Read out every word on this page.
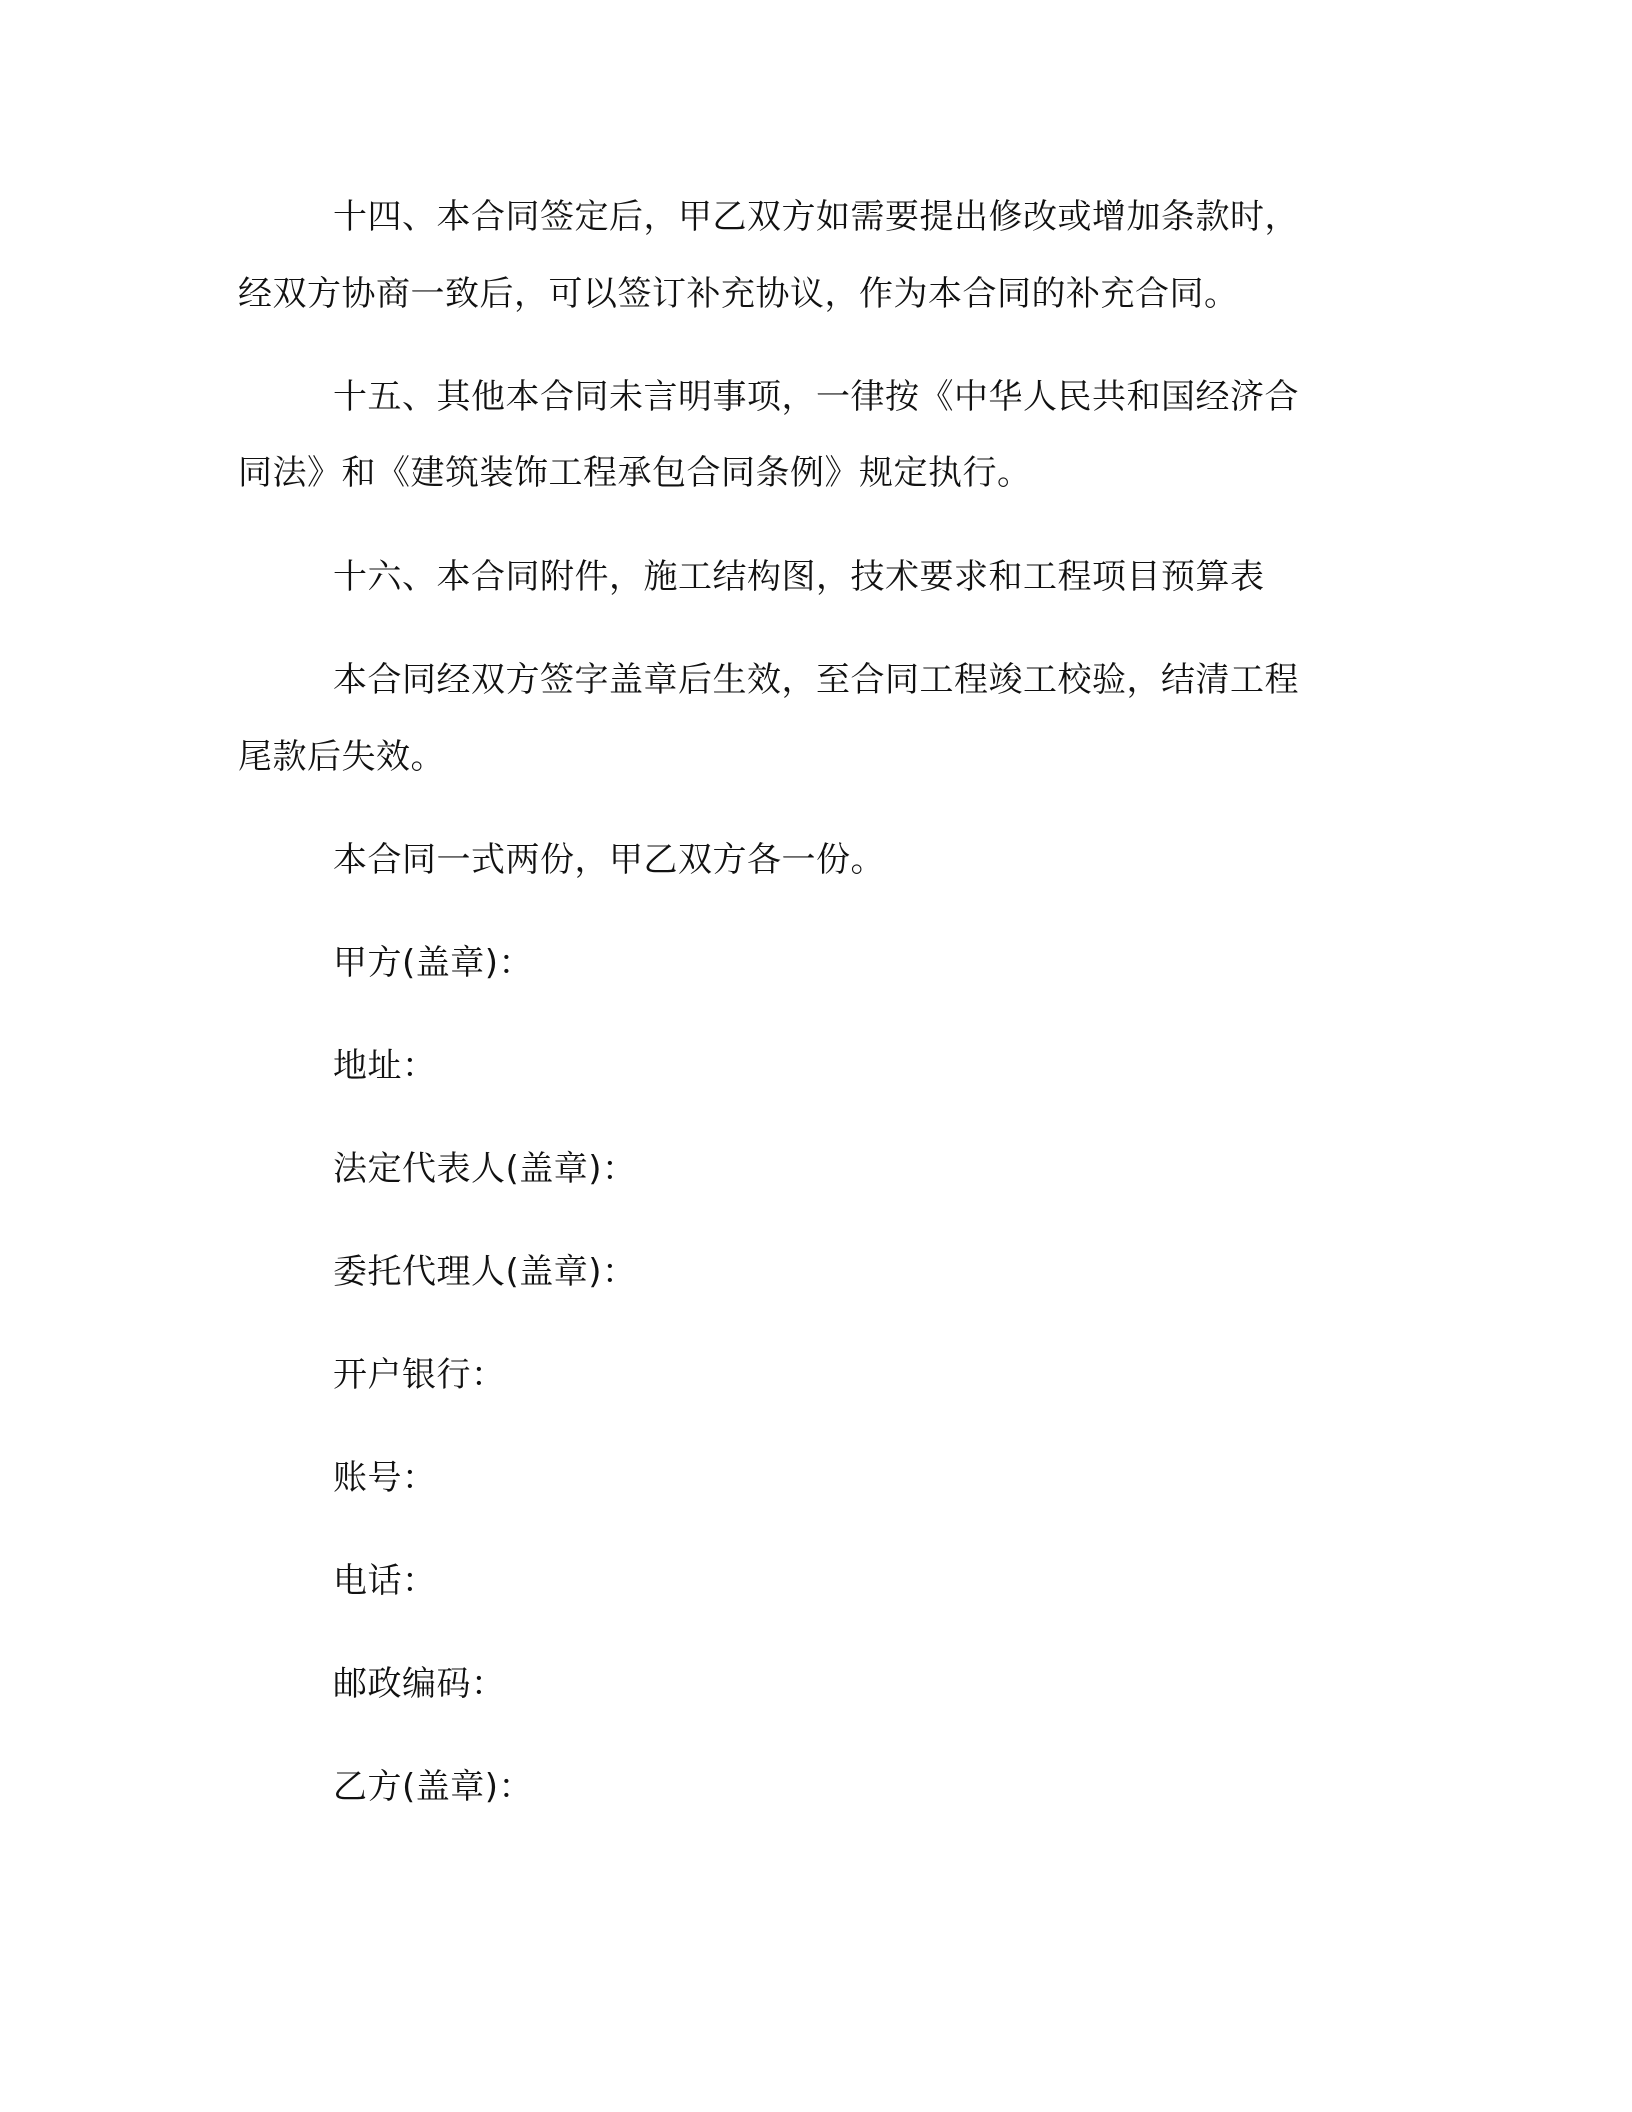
十四、本合同签定后，甲乙双方如需要提出修改或增加条款时，
经双方协商一致后，可以签订补充协议，作为本合同的补充合同。
十五、其他本合同未言明事项，一律按《中华人民共和国经济合
同法》和《建筑装饰工程承包合同条例》规定执行。
十六、本合同附件，施工结构图，技术要求和工程项目预算表
本合同经双方签字盖章后生效，至合同工程竣工校验，结清工程
尾款后失效。
本合同一式两份，甲乙双方各一份。
甲方(盖章)：
地址：
法定代表人(盖章)：
委托代理人(盖章)：
开户银行：
账号：
电话：
邮政编码：
乙方(盖章)：
